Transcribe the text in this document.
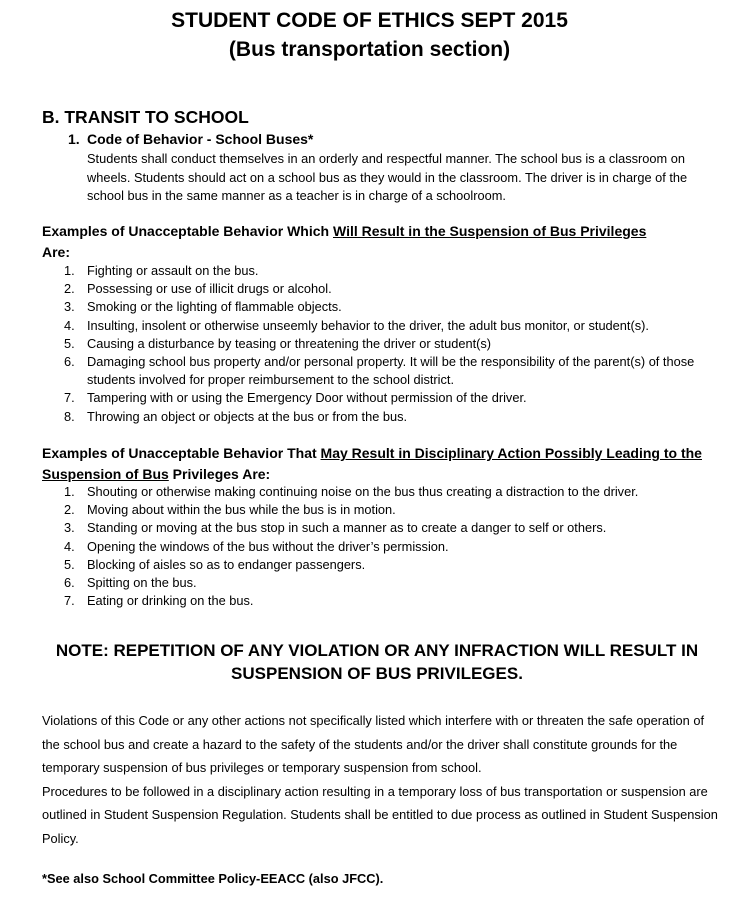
STUDENT CODE OF ETHICS SEPT 2015
(Bus transportation section)
B. TRANSIT TO SCHOOL
1. Code of Behavior - School Buses*
Students shall conduct themselves in an orderly and respectful manner. The school bus is a classroom on wheels. Students should act on a school bus as they would in the classroom. The driver is in charge of the school bus in the same manner as a teacher is in charge of a schoolroom.
Examples of Unacceptable Behavior Which Will Result in the Suspension of Bus Privileges
Are:
1. Fighting or assault on the bus.
2. Possessing or use of illicit drugs or alcohol.
3. Smoking or the lighting of flammable objects.
4. Insulting, insolent or otherwise unseemly behavior to the driver, the adult bus monitor, or student(s).
5. Causing a disturbance by teasing or threatening the driver or student(s)
6. Damaging school bus property and/or personal property. It will be the responsibility of the parent(s) of those students involved for proper reimbursement to the school district.
7. Tampering with or using the Emergency Door without permission of the driver.
8. Throwing an object or objects at the bus or from the bus.
Examples of Unacceptable Behavior That May Result in Disciplinary Action Possibly Leading to the Suspension of Bus Privileges Are:
1. Shouting or otherwise making continuing noise on the bus thus creating a distraction to the driver.
2. Moving about within the bus while the bus is in motion.
3. Standing or moving at the bus stop in such a manner as to create a danger to self or others.
4. Opening the windows of the bus without the driver’s permission.
5. Blocking of aisles so as to endanger passengers.
6. Spitting on the bus.
7. Eating or drinking on the bus.
NOTE: REPETITION OF ANY VIOLATION OR ANY INFRACTION WILL RESULT IN
SUSPENSION OF BUS PRIVILEGES.
Violations of this Code or any other actions not specifically listed which interfere with or threaten the safe operation of the school bus and create a hazard to the safety of the students and/or the driver shall constitute grounds for the temporary suspension of bus privileges or temporary suspension from school.
Procedures to be followed in a disciplinary action resulting in a temporary loss of bus transportation or suspension are outlined in Student Suspension Regulation. Students shall be entitled to due process as outlined in Student Suspension Policy.
*See also School Committee Policy-EEACC (also JFCC).
